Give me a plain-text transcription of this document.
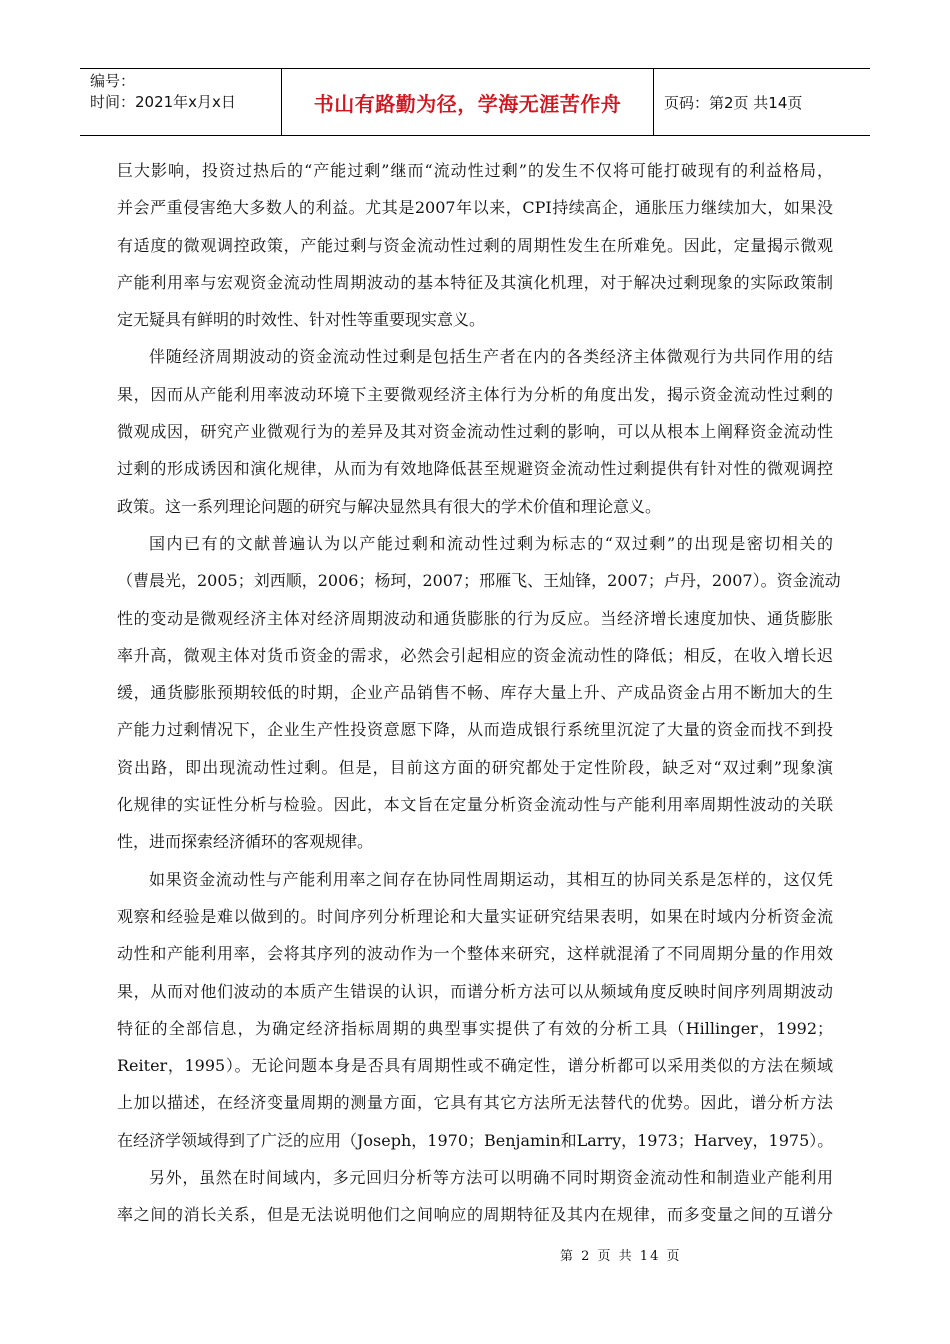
编号：
时间：2021年x月x日	书山有路勤为径，学海无涯苦作舟	页码：第2页 共14页
巨大影响，投资过热后的“产能过剩”继而“流动性过剩”的发生不仅将可能打破现有的利益格局，
并会严重侵害绝大多数人的利益。尤其是2007年以来，CPI持续高企，通胀压力继续加大，如果没
有适度的微观调控政策，产能过剩与资金流动性过剩的周期性发生在所难免。因此，定量揭示微观
产能利用率与宏观资金流动性周期波动的基本特征及其演化机理，对于解决过剩现象的实际政策制
定无疑具有鲜明的时效性、针对性等重要现实意义。
伴随经济周期波动的资金流动性过剩是包括生产者在内的各类经济主体微观行为共同作用的结
果，因而从产能利用率波动环境下主要微观经济主体行为分析的角度出发，揭示资金流动性过剩的
微观成因，研究产业微观行为的差异及其对资金流动性过剩的影响，可以从根本上阐释资金流动性
过剩的形成诱因和演化规律，从而为有效地降低甚至规避资金流动性过剩提供有针对性的微观调控
政策。这一系列理论问题的研究与解决显然具有很大的学术价值和理论意义。
国内已有的文献普遍认为以产能过剩和流动性过剩为标志的“双过剩”的出现是密切相关的
（曹晨光，2005；刘西顺，2006；杨珂，2007；邢雁飞、王灿锋，2007；卢丹，2007）。资金流动
性的变动是微观经济主体对经济周期波动和通货膨胀的行为反应。当经济增长速度加快、通货膨胀
率升高，微观主体对货币资金的需求，必然会引起相应的资金流动性的降低；相反，在收入增长迟
缓，通货膨胀预期较低的时期，企业产品销售不畅、库存大量上升、产成品资金占用不断加大的生
产能力过剩情况下，企业生产性投资意愿下降，从而造成银行系统里沉淀了大量的资金而找不到投
资出路，即出现流动性过剩。但是，目前这方面的研究都处于定性阶段，缺乏对“双过剩”现象演
化规律的实证性分析与检验。因此，本文旨在定量分析资金流动性与产能利用率周期性波动的关联
性，进而探索经济循环的客观规律。
如果资金流动性与产能利用率之间存在协同性周期运动，其相互的协同关系是怎样的，这仅凭
观察和经验是难以做到的。时间序列分析理论和大量实证研究结果表明，如果在时域内分析资金流
动性和产能利用率，会将其序列的波动作为一个整体来研究，这样就混淆了不同周期分量的作用效
果，从而对他们波动的本质产生错误的认识，而谱分析方法可以从频域角度反映时间序列周期波动
特征的全部信息，为确定经济指标周期的典型事实提供了有效的分析工具（Hillinger，1992；
Reiter，1995）。无论问题本身是否具有周期性或不确定性，谱分析都可以采用类似的方法在频域
上加以描述，在经济变量周期的测量方面，它具有其它方法所无法替代的优势。因此，谱分析方法
在经济学领域得到了广泛的应用（Joseph，1970；Benjamin和Larry，1973；Harvey，1975）。
另外，虽然在时间域内，多元回归分析等方法可以明确不同时期资金流动性和制造业产能利用
率之间的消长关系，但是无法说明他们之间响应的周期特征及其内在规律，而多变量之间的互谱分
第 2 页 共 14 页
